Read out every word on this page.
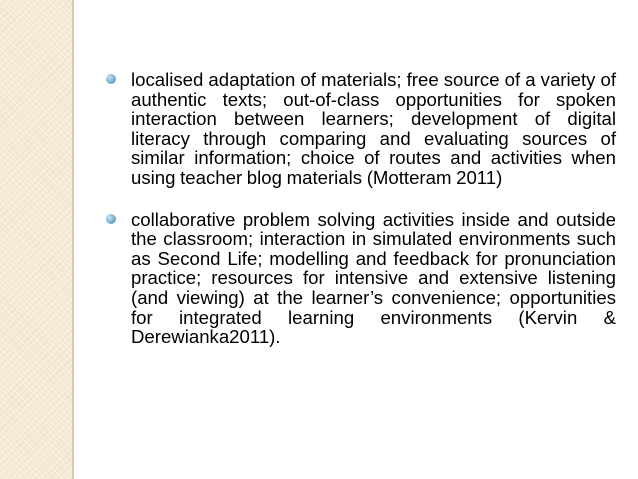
localised adaptation of materials; free source of a variety of authentic texts; out-of-class opportunities for spoken interaction between learners; development of digital literacy through comparing and evaluating sources of similar information; choice of routes and activities when using teacher blog materials (Motteram 2011)
collaborative problem solving activities inside and outside the classroom; interaction in simulated environments such as Second Life; modelling and feedback for pronunciation practice; resources for intensive and extensive listening (and viewing) at the learner’s convenience; opportunities for integrated learning environments (Kervin & Derewianka2011).
